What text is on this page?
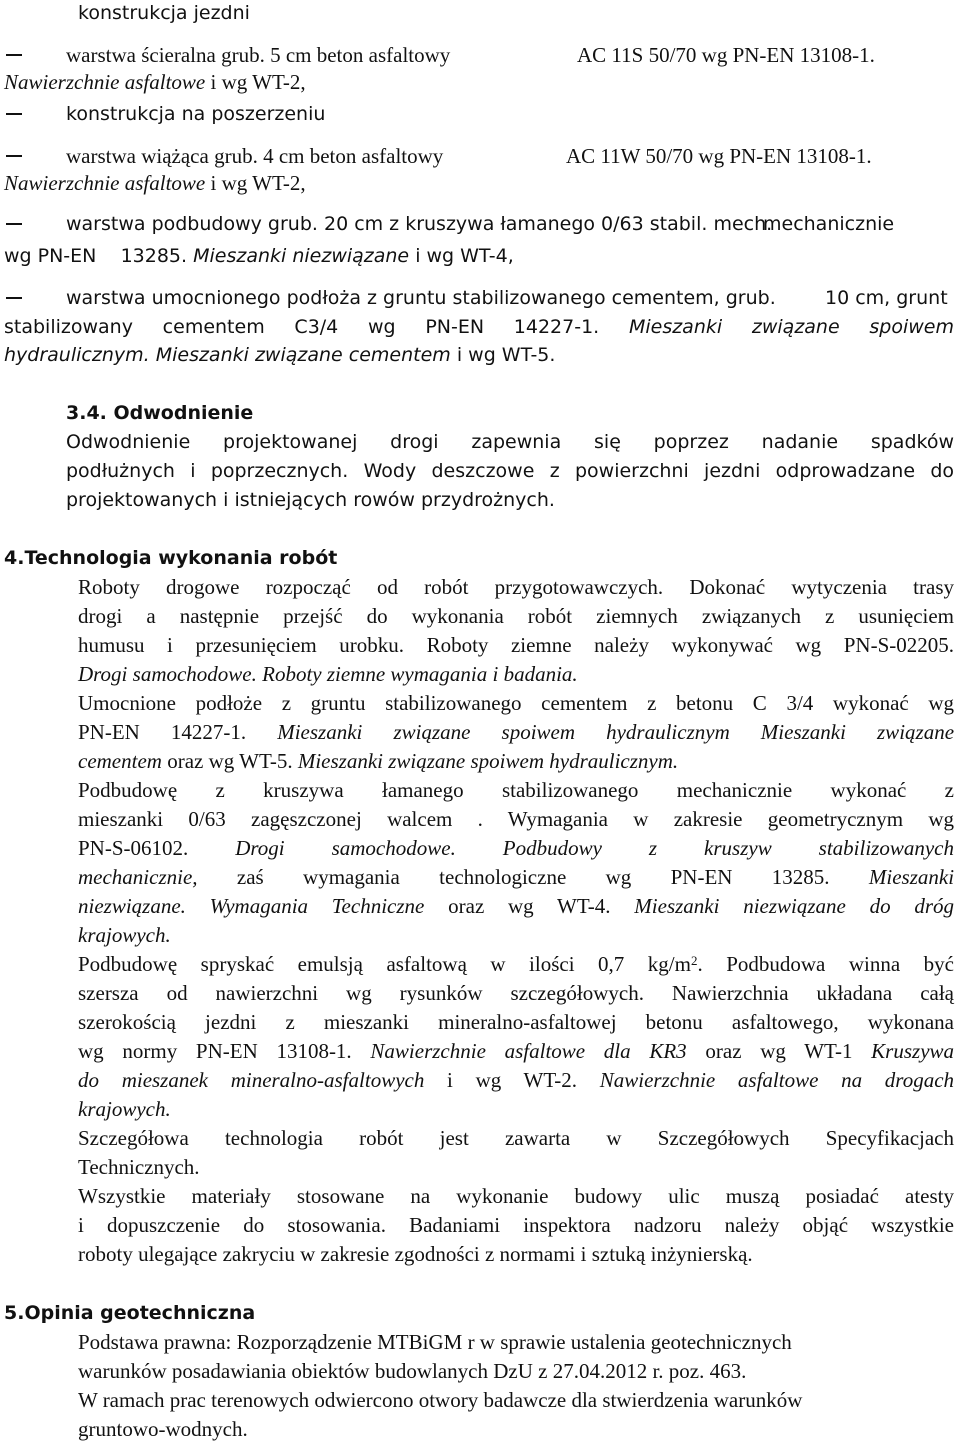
konstrukcja jezdni
warstwa ścieralna grub. 5 cm beton asfaltowy	AC 11S 50/70 wg PN-EN 13108-1.
Nawierzchnie asfaltowe i wg WT-2,
konstrukcja na poszerzeniu
warstwa wiążąca grub. 4 cm beton asfaltowy	AC 11W 50/70 wg PN-EN 13108-1.
Nawierzchnie asfaltowe i wg WT-2,
warstwa podbudowy grub. 20 cm z kruszywa łamanego 0/63 stabil. mech.
mechanicznie
wg PN-EN 13285. Mieszanki niezwiązane i wg WT-4,
warstwa umocnionego podłoża z gruntu stabilizowanego cementem, grub.	10 cm, grunt
stabilizowany cementem C3/4 wg PN-EN 14227-1. Mieszanki związane spoiwem
hydraulicznym. Mieszanki związane cementem i wg WT-5.
3.4. Odwodnienie
Odwodnienie projektowanej drogi zapewnia się poprzez nadanie spadków
podłużnych i poprzecznych. Wody deszczowe z powierzchni jezdni odprowadzane do
projektowanych i istniejących rowów przydrożnych.
4.Technologia wykonania robót
Roboty drogowe rozpocząć od robót przygotowawczych. Dokonać wytyczenia trasy
drogi a następnie przejść do wykonania robót ziemnych związanych z usunięciem
humusu i przesunięciem urobku. Roboty ziemne należy wykonywać wg PN-S-02205.
Drogi samochodowe. Roboty ziemne wymagania i badania.
Umocnione podłoże z gruntu stabilizowanego cementem z betonu C 3/4 wykonać wg
PN-EN 14227-1. Mieszanki związane spoiwem hydraulicznym Mieszanki związane
cementem oraz wg WT-5. Mieszanki związane spoiwem hydraulicznym.
Podbudowę z kruszywa łamanego stabilizowanego mechanicznie wykonać z
mieszanki 0/63 zagęszczonej walcem . Wymagania w zakresie geometrycznym wg
PN-S-06102. Drogi samochodowe. Podbudowy z kruszyw stabilizowanych
mechanicznie, zaś wymagania technologiczne wg PN-EN 13285. Mieszanki
niezwiązane. Wymagania Techniczne oraz wg WT-4. Mieszanki niezwiązane do dróg
krajowych.
Podbudowę spryskać emulsją asfaltową w ilości 0,7 $kg/m^2$. Podbudowa winna być
szersza od nawierzchni wg rysunków szczegółowych. Nawierzchnia układana całą
szerokością jezdni z mieszanki mineralno-asfaltowej betonu asfaltowego, wykonana
wg normy PN-EN 13108-1. Nawierzchnie asfaltowe dla KR3 oraz wg WT-1 Kruszywa
do mieszanek mineralno-asfaltowych i wg WT-2. Nawierzchnie asfaltowe na drogach
krajowych.
Szczegółowa technologia robót jest zawarta w Szczegółowych Specyfikacjach
Technicznych.
Wszystkie materiały stosowane na wykonanie budowy ulic muszą posiadać atesty
i dopuszczenie do stosowania. Badaniami inspektora nadzoru należy objąć wszystkie
roboty ulegające zakryciu w zakresie zgodności z normami i sztuką inżynierską.
5.Opinia geotechniczna
Podstawa prawna: Rozporządzenie MTBiGM r w sprawie ustalenia geotechnicznych
warunków posadawiania obiektów budowlanych DzU z 27.04.2012 r. poz. 463.
W ramach prac terenowych odwiercono otwory badawcze dla stwierdzenia warunków
gruntowo-wodnych.
